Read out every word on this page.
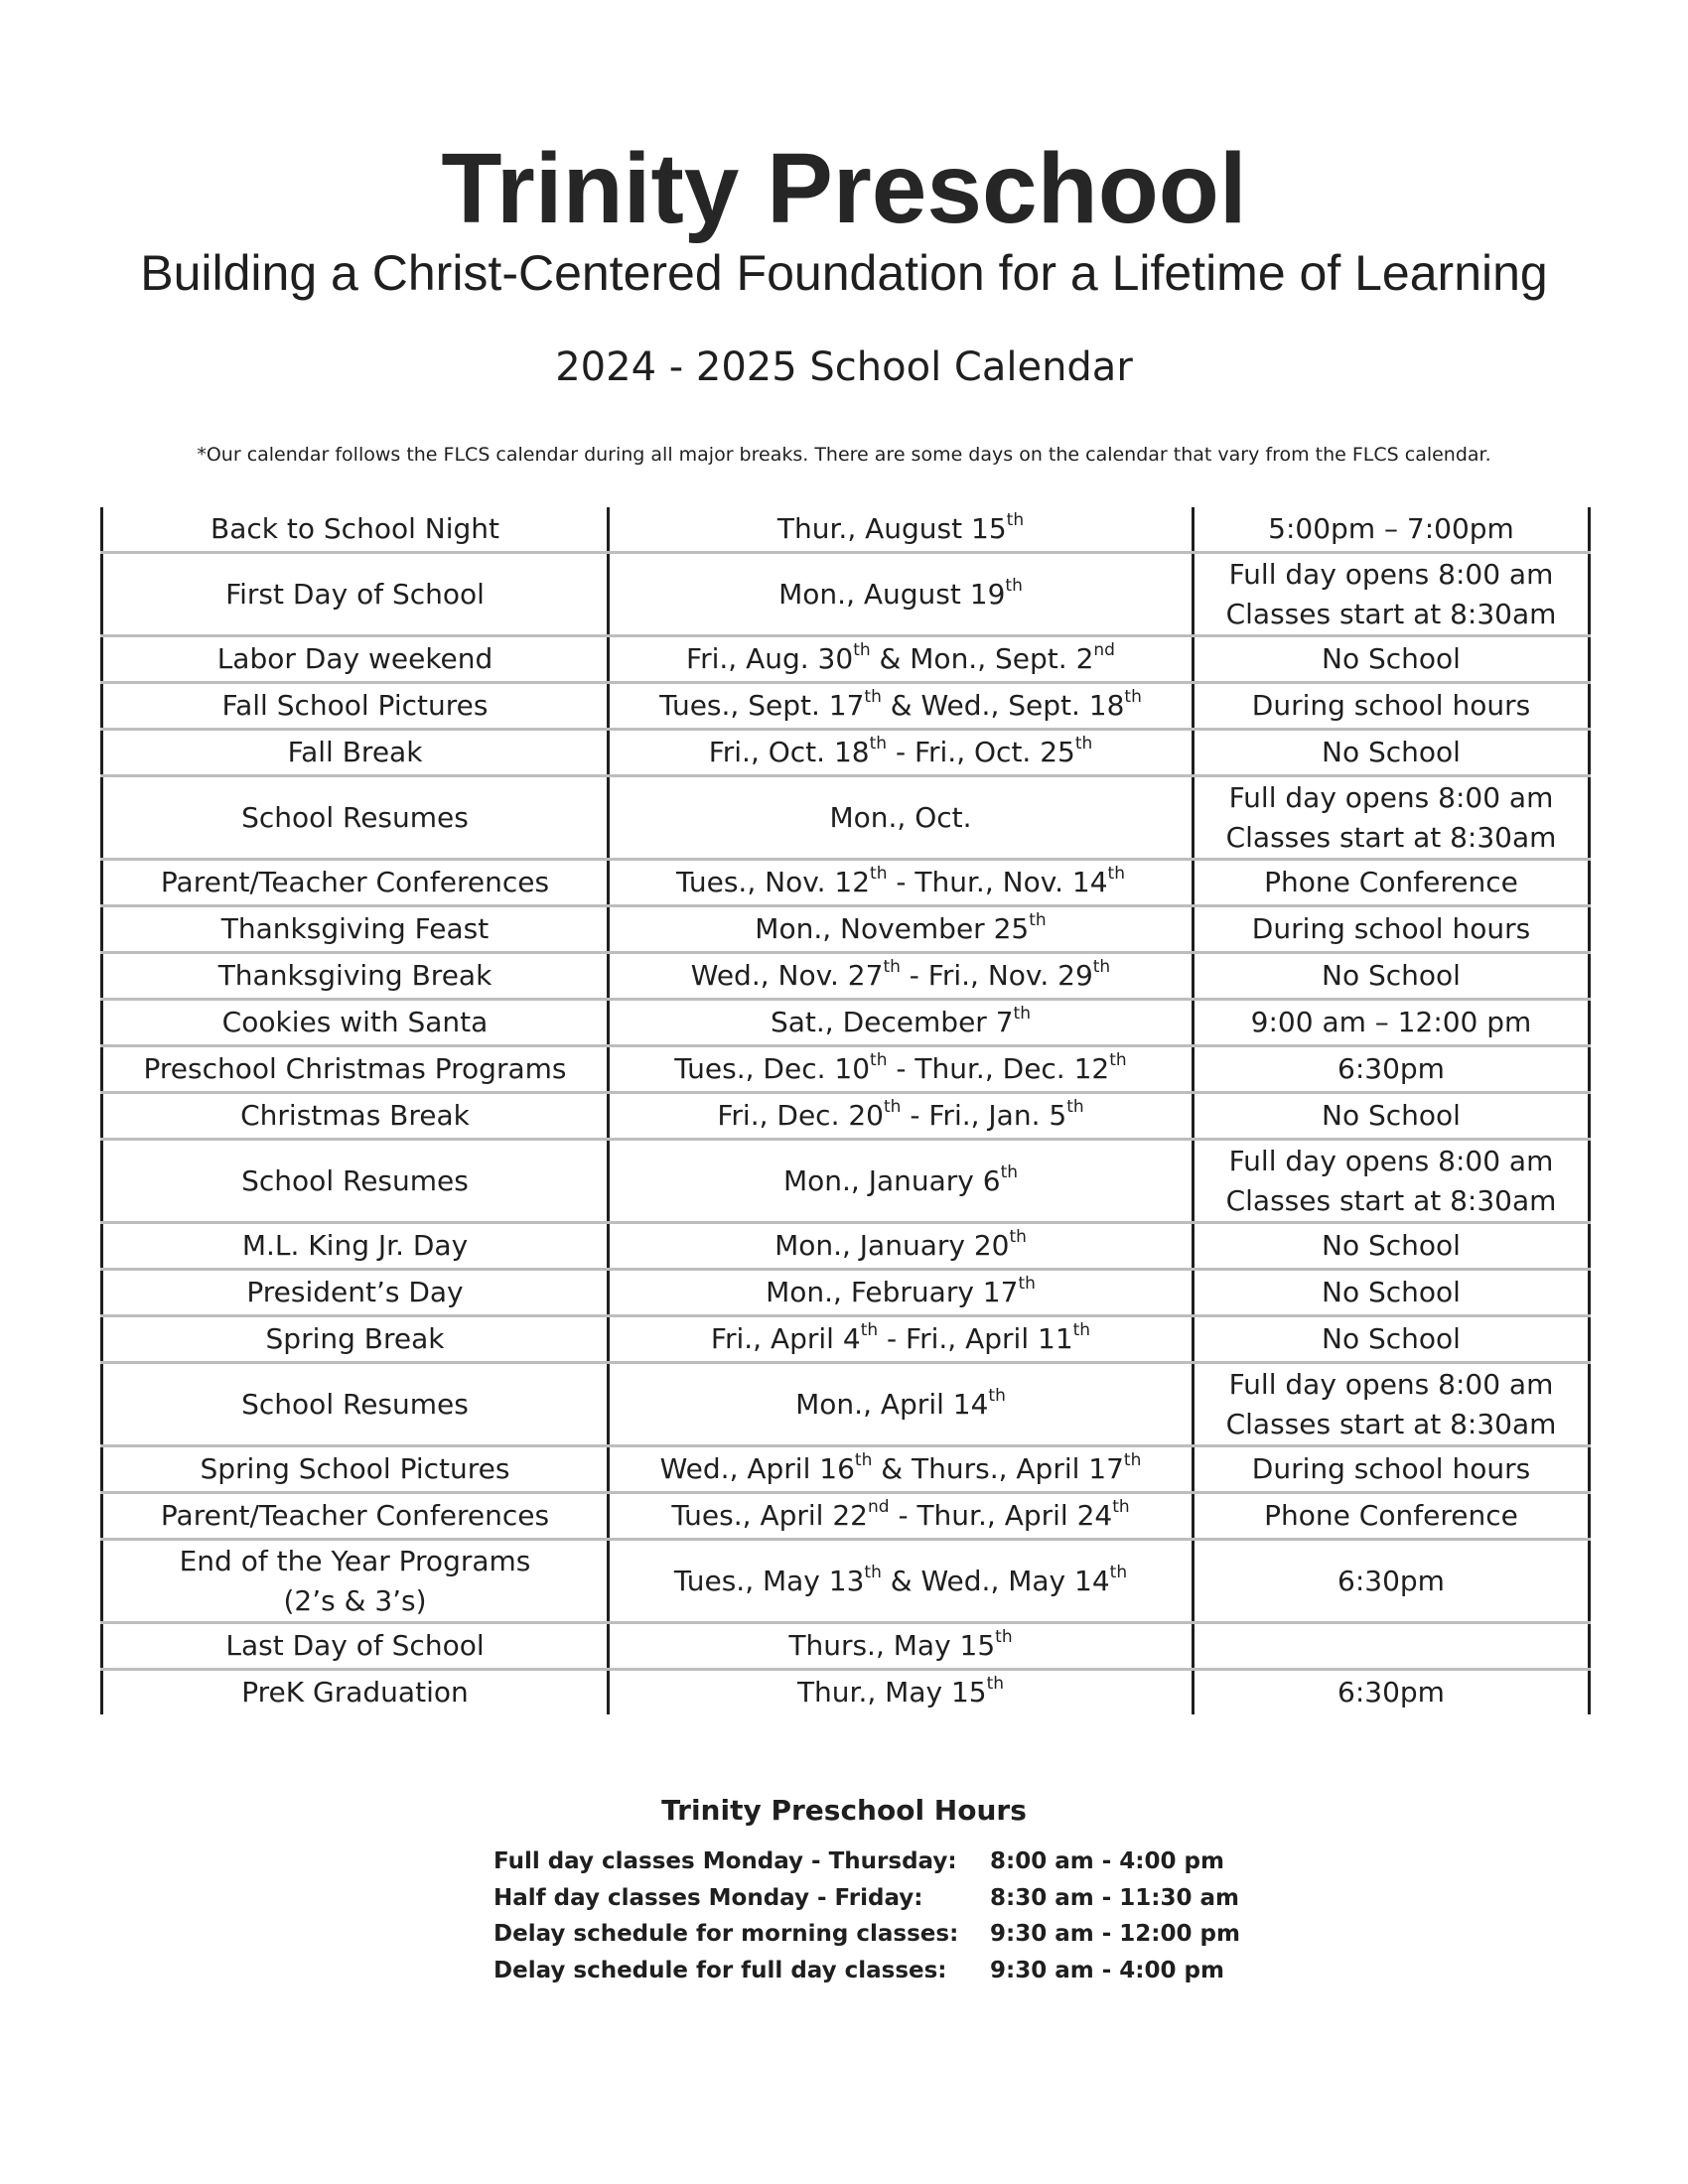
Trinity Preschool
Building a Christ-Centered Foundation for a Lifetime of Learning
2024 - 2025 School Calendar
*Our calendar follows the FLCS calendar during all major breaks. There are some days on the calendar that vary from the FLCS calendar.
Back to School Night	Thur., August 15th	5:00pm – 7:00pm
First Day of School	Mon., August 19th	Full day opens 8:00 am
Classes start at 8:30am

Labor Day weekend	Fri., Aug. 30th & Mon., Sept. 2nd	No School
Fall School Pictures	Tues., Sept. 17th & Wed., Sept. 18th	During school hours
Fall Break	Fri., Oct. 18th - Fri., Oct. 25th	No School
School Resumes	Mon., Oct.	Full day opens 8:00 am
Classes start at 8:30am

Parent/Teacher Conferences	Tues., Nov. 12th - Thur., Nov. 14th	Phone Conference
Thanksgiving Feast	Mon., November 25th	During school hours
Thanksgiving Break	Wed., Nov. 27th - Fri., Nov. 29th	No School
Cookies with Santa	Sat., December 7th	9:00 am – 12:00 pm
Preschool Christmas Programs	Tues., Dec. 10th - Thur., Dec. 12th	6:30pm
Christmas Break	Fri., Dec. 20th - Fri., Jan. 5th	No School
School Resumes	Mon., January 6th	Full day opens 8:00 am
Classes start at 8:30am

M.L. King Jr. Day	Mon., January 20th	No School
President’s Day	Mon., February 17th	No School
Spring Break	Fri., April 4th - Fri., April 11th	No School
School Resumes	Mon., April 14th	Full day opens 8:00 am
Classes start at 8:30am

Spring School Pictures	Wed., April 16th & Thurs., April 17th	During school hours
Parent/Teacher Conferences	Tues., April 22nd - Thur., April 24th	Phone Conference

End of the Year Programs
(2’s & 3’s)	Tues., May 13th & Wed., May 14th	6:30pm
Last Day of School	Thurs., May 15th	
PreK Graduation	Thur., May 15th	6:30pm
Trinity Preschool Hours
Full day classes Monday - Thursday: 8:00 am - 4:00 pm
Half day classes Monday - Friday:	8:30 am - 11:30 am
Delay schedule for morning classes: 9:30 am - 12:00 pm
Delay schedule for full day classes: 9:30 am - 4:00 pm
